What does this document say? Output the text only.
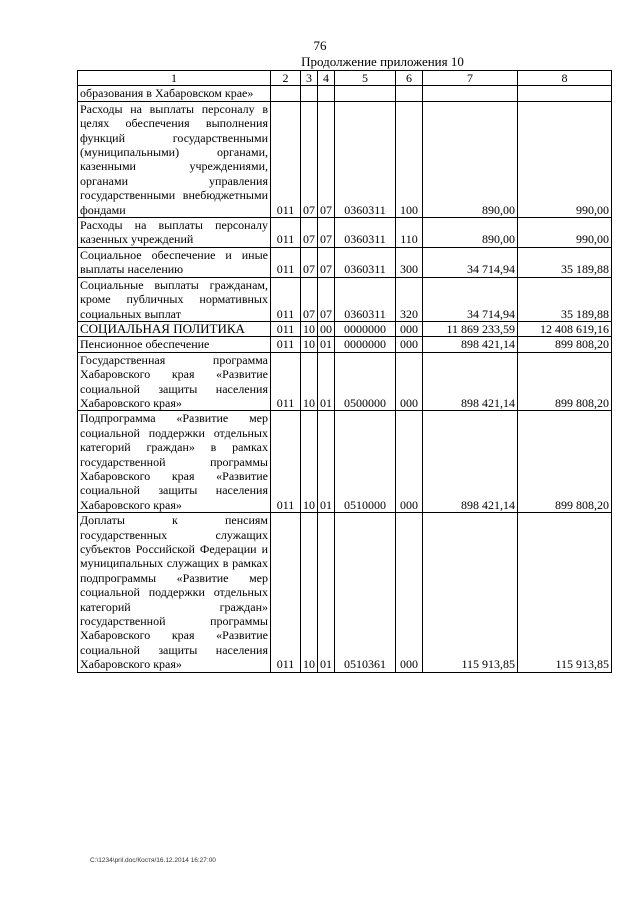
76
Продолжение приложения 10
1	2	3	4	5	6	7	8
образования в Хабаровском крае»							
Расходы на выплаты персоналу в целях обеспечения выполнения функций государственными (муниципальными) органами, казенными учреждениями, органами управления государственными внебюджетными фондами	011	07	07	0360311	100	890,00	990,00
Расходы на выплаты персоналу казенных учреждений	011	07	07	0360311	110	890,00	990,00
Социальное обеспечение и иные выплаты населению	011	07	07	0360311	300	34 714,94	35 189,88
Социальные выплаты гражданам, кроме публичных нормативных социальных выплат	011	07	07	0360311	320	34 714,94	35 189,88
СОЦИАЛЬНАЯ ПОЛИТИКА	011	10	00	0000000	000	11 869 233,59	12 408 619,16
Пенсионное обеспечение	011	10	01	0000000	000	898 421,14	899 808,20
Государственная программа Хабаровского края «Развитие социальной защиты населения Хабаровского края»	011	10	01	0500000	000	898 421,14	899 808,20
Подпрограмма «Развитие мер социальной поддержки отдельных категорий граждан» в рамках государственной программы Хабаровского края «Развитие социальной защиты населения Хабаровского края»	011	10	01	0510000	000	898 421,14	899 808,20
Доплаты к пенсиям государственных служащих субъектов Российской Федерации и муниципальных служащих в рамках подпрограммы «Развитие мер социальной поддержки отдельных категорий граждан» государственной программы Хабаровского края «Развитие социальной защиты населения Хабаровского края»	011	10	01	0510361	000	115 913,85	115 913,85
C:\1234\pril.doc/Костя/16.12.2014 16:27:00
